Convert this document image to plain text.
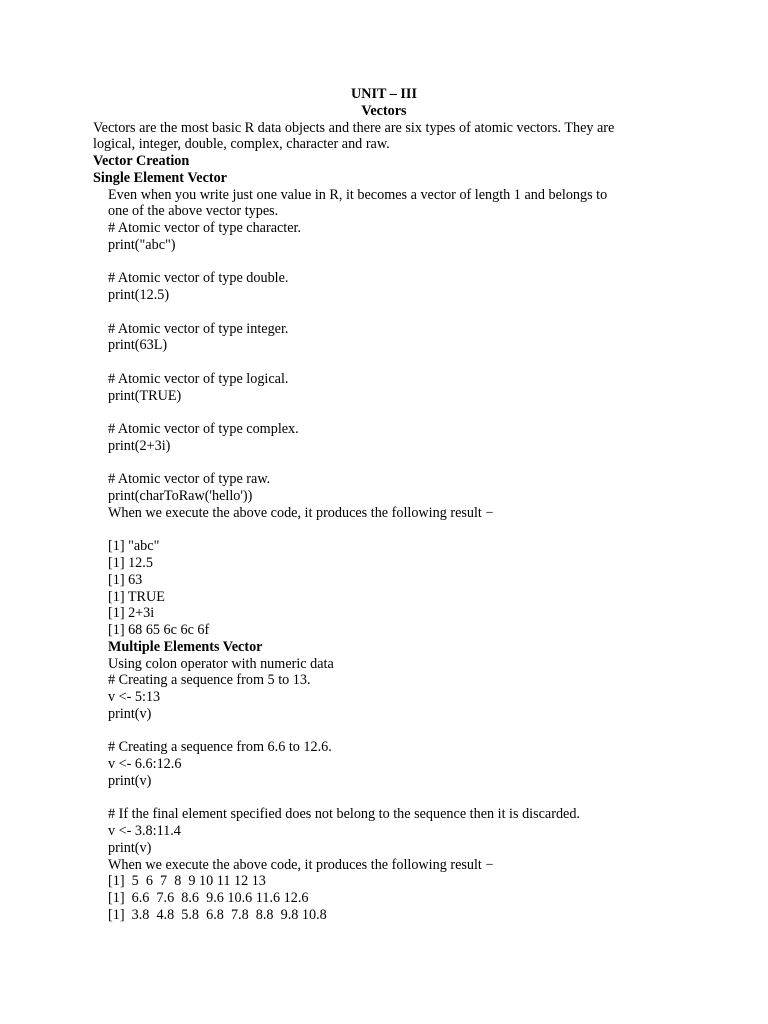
UNIT – III
Vectors
Vectors are the most basic R data objects and there are six types of atomic vectors. They are
logical, integer, double, complex, character and raw.
Vector Creation
Single Element Vector
Even when you write just one value in R, it becomes a vector of length 1 and belongs to
one of the above vector types.
# Atomic vector of type character.
print("abc")
# Atomic vector of type double.
print(12.5)
# Atomic vector of type integer.
print(63L)
# Atomic vector of type logical.
print(TRUE)
# Atomic vector of type complex.
print(2+3i)
# Atomic vector of type raw.
print(charToRaw('hello'))
When we execute the above code, it produces the following result −
[1] "abc"
[1] 12.5
[1] 63
[1] TRUE
[1] 2+3i
[1] 68 65 6c 6c 6f
Multiple Elements Vector
Using colon operator with numeric data
# Creating a sequence from 5 to 13.
v <- 5:13
print(v)
# Creating a sequence from 6.6 to 12.6.
v <- 6.6:12.6
print(v)
# If the final element specified does not belong to the sequence then it is discarded.
v <- 3.8:11.4
print(v)
When we execute the above code, it produces the following result −
[1]  5  6  7  8  9 10 11 12 13
[1]  6.6  7.6  8.6  9.6 10.6 11.6 12.6
[1]  3.8  4.8  5.8  6.8  7.8  8.8  9.8 10.8
